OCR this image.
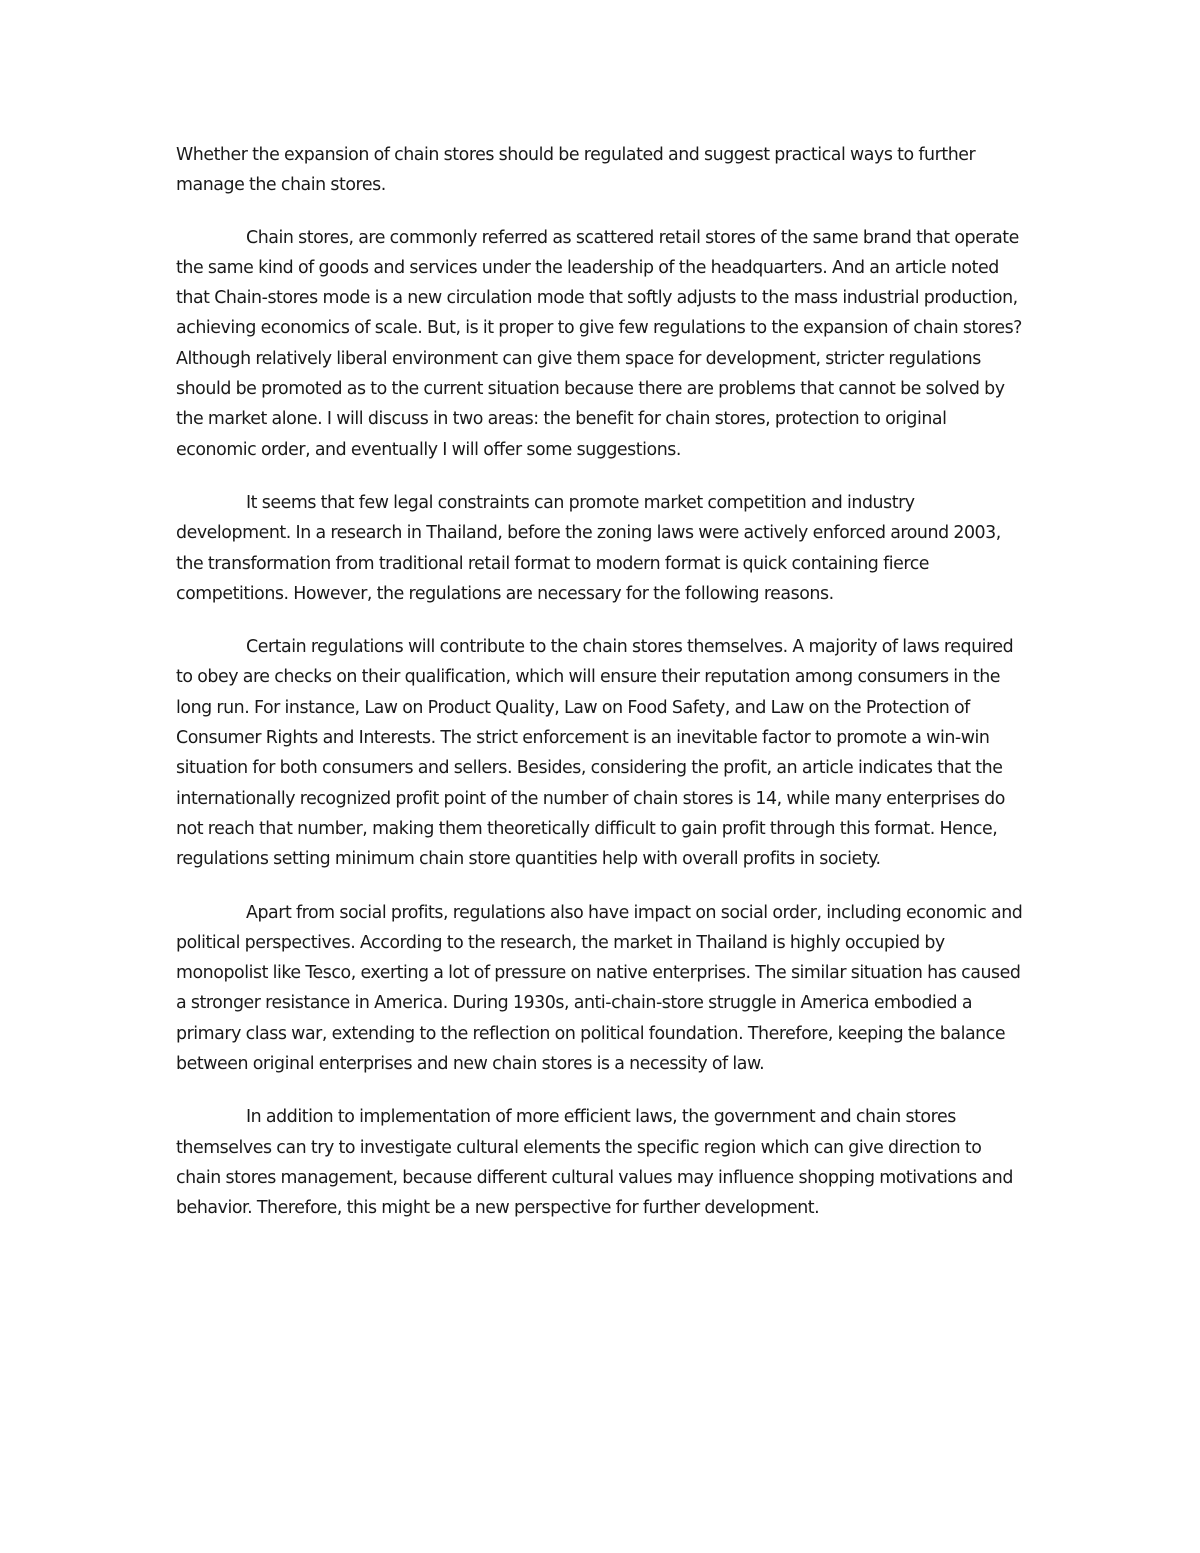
Whether the expansion of chain stores should be regulated and suggest practical ways to further manage the chain stores.

Chain stores, are commonly referred as scattered retail stores of the same brand that operate the same kind of goods and services under the leadership of the headquarters. And an article noted that Chain-stores mode is a new circulation mode that softly adjusts to the mass industrial production, achieving economics of scale. But, is it proper to give few regulations to the expansion of chain stores? Although relatively liberal environment can give them space for development, stricter regulations should be promoted as to the current situation because there are problems that cannot be solved by the market alone. I will discuss in two areas: the benefit for chain stores, protection to original economic order, and eventually I will offer some suggestions.

It seems that few legal constraints can promote market competition and industry development. In a research in Thailand, before the zoning laws were actively enforced around 2003, the transformation from traditional retail format to modern format is quick containing fierce competitions. However, the regulations are necessary for the following reasons.

Certain regulations will contribute to the chain stores themselves. A majority of laws required to obey are checks on their qualification, which will ensure their reputation among consumers in the long run. For instance, Law on Product Quality, Law on Food Safety, and Law on the Protection of Consumer Rights and Interests. The strict enforcement is an inevitable factor to promote a win-win situation for both consumers and sellers. Besides, considering the profit, an article indicates that the internationally recognized profit point of the number of chain stores is 14, while many enterprises do not reach that number, making them theoretically difficult to gain profit through this format. Hence, regulations setting minimum chain store quantities help with overall profits in society.

Apart from social profits, regulations also have impact on social order, including economic and political perspectives. According to the research, the market in Thailand is highly occupied by monopolist like Tesco, exerting a lot of pressure on native enterprises. The similar situation has caused a stronger resistance in America. During 1930s, anti-chain-store struggle in America embodied a primary class war, extending to the reflection on political foundation. Therefore, keeping the balance between original enterprises and new chain stores is a necessity of law.

In addition to implementation of more efficient laws, the government and chain stores themselves can try to investigate cultural elements the specific region which can give direction to chain stores management, because different cultural values may influence shopping motivations and behavior. Therefore, this might be a new perspective for further development.
